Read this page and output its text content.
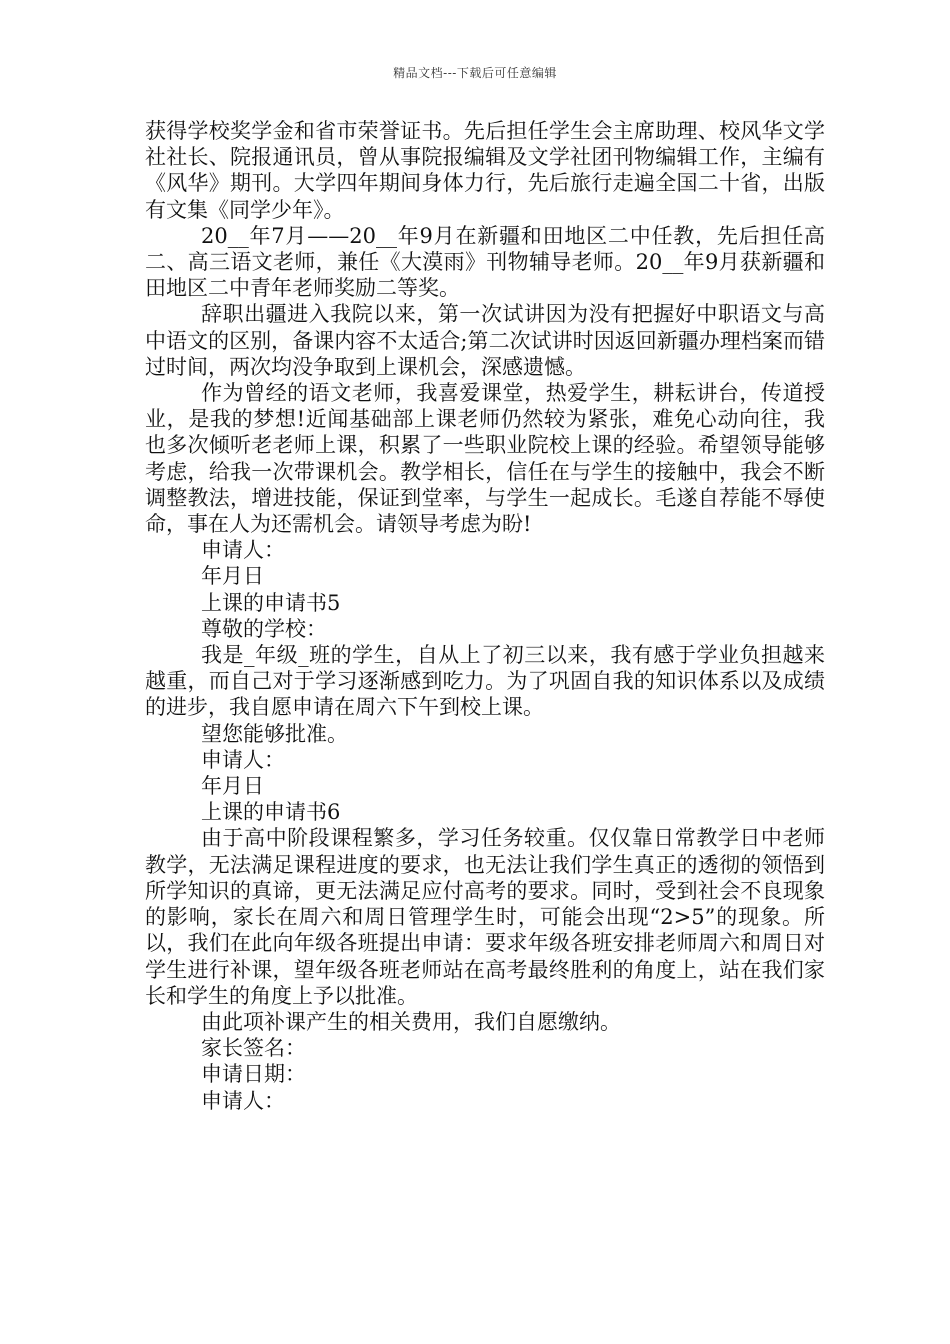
精品文档---下载后可任意编辑

获得学校奖学金和省市荣誉证书。先后担任学生会主席助理、校风华文学社社长、院报通讯员，曾从事院报编辑及文学社团刊物编辑工作，主编有《风华》期刊。大学四年期间身体力行，先后旅行走遍全国二十省，出版有文集《同学少年》。

20__年7月——20__年9月在新疆和田地区二中任教，先后担任高二、高三语文老师，兼任《大漠雨》刊物辅导老师。20__年9月获新疆和田地区二中青年老师奖励二等奖。

辞职出疆进入我院以来，第一次试讲因为没有把握好中职语文与高中语文的区别，备课内容不太适合;第二次试讲时因返回新疆办理档案而错过时间，两次均没争取到上课机会，深感遗憾。

作为曾经的语文老师，我喜爱课堂，热爱学生，耕耘讲台，传道授业，是我的梦想!近闻基础部上课老师仍然较为紧张，难免心动向往，我也多次倾听老老师上课，积累了一些职业院校上课的经验。希望领导能够考虑，给我一次带课机会。教学相长，信任在与学生的接触中，我会不断调整教法，增进技能，保证到堂率，与学生一起成长。毛遂自荐能不辱使命，事在人为还需机会。请领导考虑为盼!

申请人：

年月日

上课的申请书5

尊敬的学校：

我是_年级_班的学生，自从上了初三以来，我有感于学业负担越来越重，而自己对于学习逐渐感到吃力。为了巩固自我的知识体系以及成绩的进步，我自愿申请在周六下午到校上课。

望您能够批准。

申请人：

年月日

上课的申请书6

由于高中阶段课程繁多，学习任务较重。仅仅靠日常教学日中老师教学，无法满足课程进度的要求，也无法让我们学生真正的透彻的领悟到所学知识的真谛，更无法满足应付高考的要求。同时，受到社会不良现象的影响，家长在周六和周日管理学生时，可能会出现“2>5”的现象。所以，我们在此向年级各班提出申请：要求年级各班安排老师周六和周日对学生进行补课，望年级各班老师站在高考最终胜利的角度上，站在我们家长和学生的角度上予以批准。

由此项补课产生的相关费用，我们自愿缴纳。

家长签名：

申请日期：

申请人：
